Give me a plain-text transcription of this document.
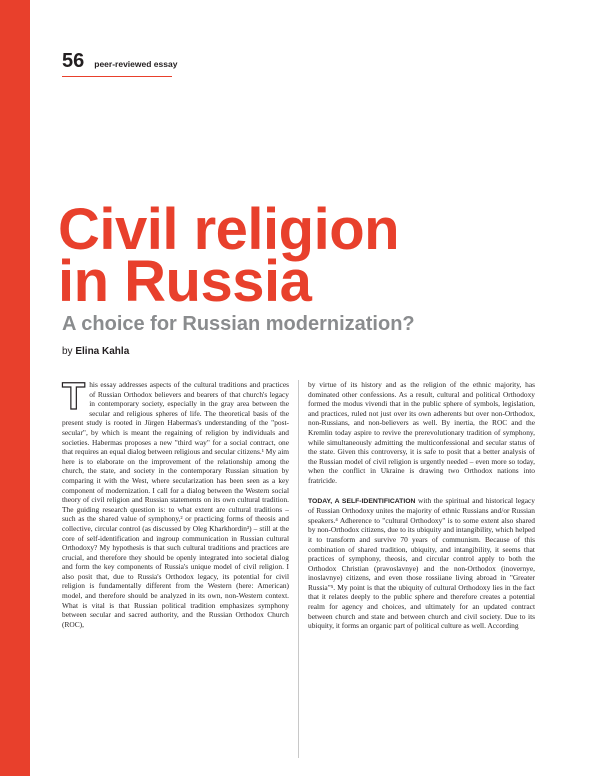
56 peer-reviewed essay
Civil religion
in Russia
A choice for Russian modernization?
by Elina Kahla

This essay addresses aspects of the cultural traditions and practices of Russian Orthodox believers and bearers of that church's legacy in contemporary society, especially in the gray area between the secular and religious spheres of life. The theoretical basis of the present study is rooted in Jürgen Habermas's understanding of the "post-secular", by which is meant the regaining of religion by individuals and societies. Habermas proposes a new "third way" for a social contract, one that requires an equal dialog between religious and secular citizens.¹ My aim here is to elaborate on the improvement of the relationship among the church, the state, and society in the contemporary Russian situation by comparing it with the West, where secularization has been seen as a key component of modernization. I call for a dialog between the Western social theory of civil religion and Russian statements on its own cultural tradition. The guiding research question is: to what extent are cultural traditions – such as the shared value of symphony,² or practicing forms of theosis and collective, circular control (as discussed by Oleg Kharkhordin³) – still at the core of self-identification and ingroup communication in Russian cultural Orthodoxy? My hypothesis is that such cultural traditions and practices are crucial, and therefore they should be openly integrated into societal dialog and form the key components of Russia's unique model of civil religion. I also posit that, due to Russia's Orthodox legacy, its potential for civil religion is fundamentally different from the Western (here: American) model, and therefore should be analyzed in its own, non-Western context. What is vital is that Russian political tradition emphasizes symphony between secular and sacred authority, and the Russian Orthodox Church (ROC),

by virtue of its history and as the religion of the ethnic majority, has dominated other confessions. As a result, cultural and political Orthodoxy formed the modus vivendi that in the public sphere of symbols, legislation, and practices, ruled not just over its own adherents but over non-Orthodox, non-Russians, and non-believers as well. By inertia, the ROC and the Kremlin today aspire to revive the prerevolutionary tradition of symphony, while simultaneously admitting the multiconfessional and secular status of the state. Given this controversy, it is safe to posit that a better analysis of the Russian model of civil religion is urgently needed – even more so today, when the conflict in Ukraine is drawing two Orthodox nations into fratricide.

TODAY, A SELF-IDENTIFICATION with the spiritual and historical legacy of Russian Orthodoxy unites the majority of ethnic Russians and/or Russian speakers.⁴ Adherence to "cultural Orthodoxy" is to some extent also shared by non-Orthodox citizens, due to its ubiquity and intangibility, which helped it to transform and survive 70 years of communism. Because of this combination of shared tradition, ubiquity, and intangibility, it seems that practices of symphony, theosis, and circular control apply to both the Orthodox Christian (pravoslavnye) and the non-Orthodox (inovernye, inoslavnye) citizens, and even those rossiiane living abroad in "Greater Russia"⁵. My point is that the ubiquity of cultural Orthodoxy lies in the fact that it relates deeply to the public sphere and therefore creates a potential realm for agency and choices, and ultimately for an updated contract between church and state and between church and civil society. Due to its ubiquity, it forms an organic part of political culture as well. According
